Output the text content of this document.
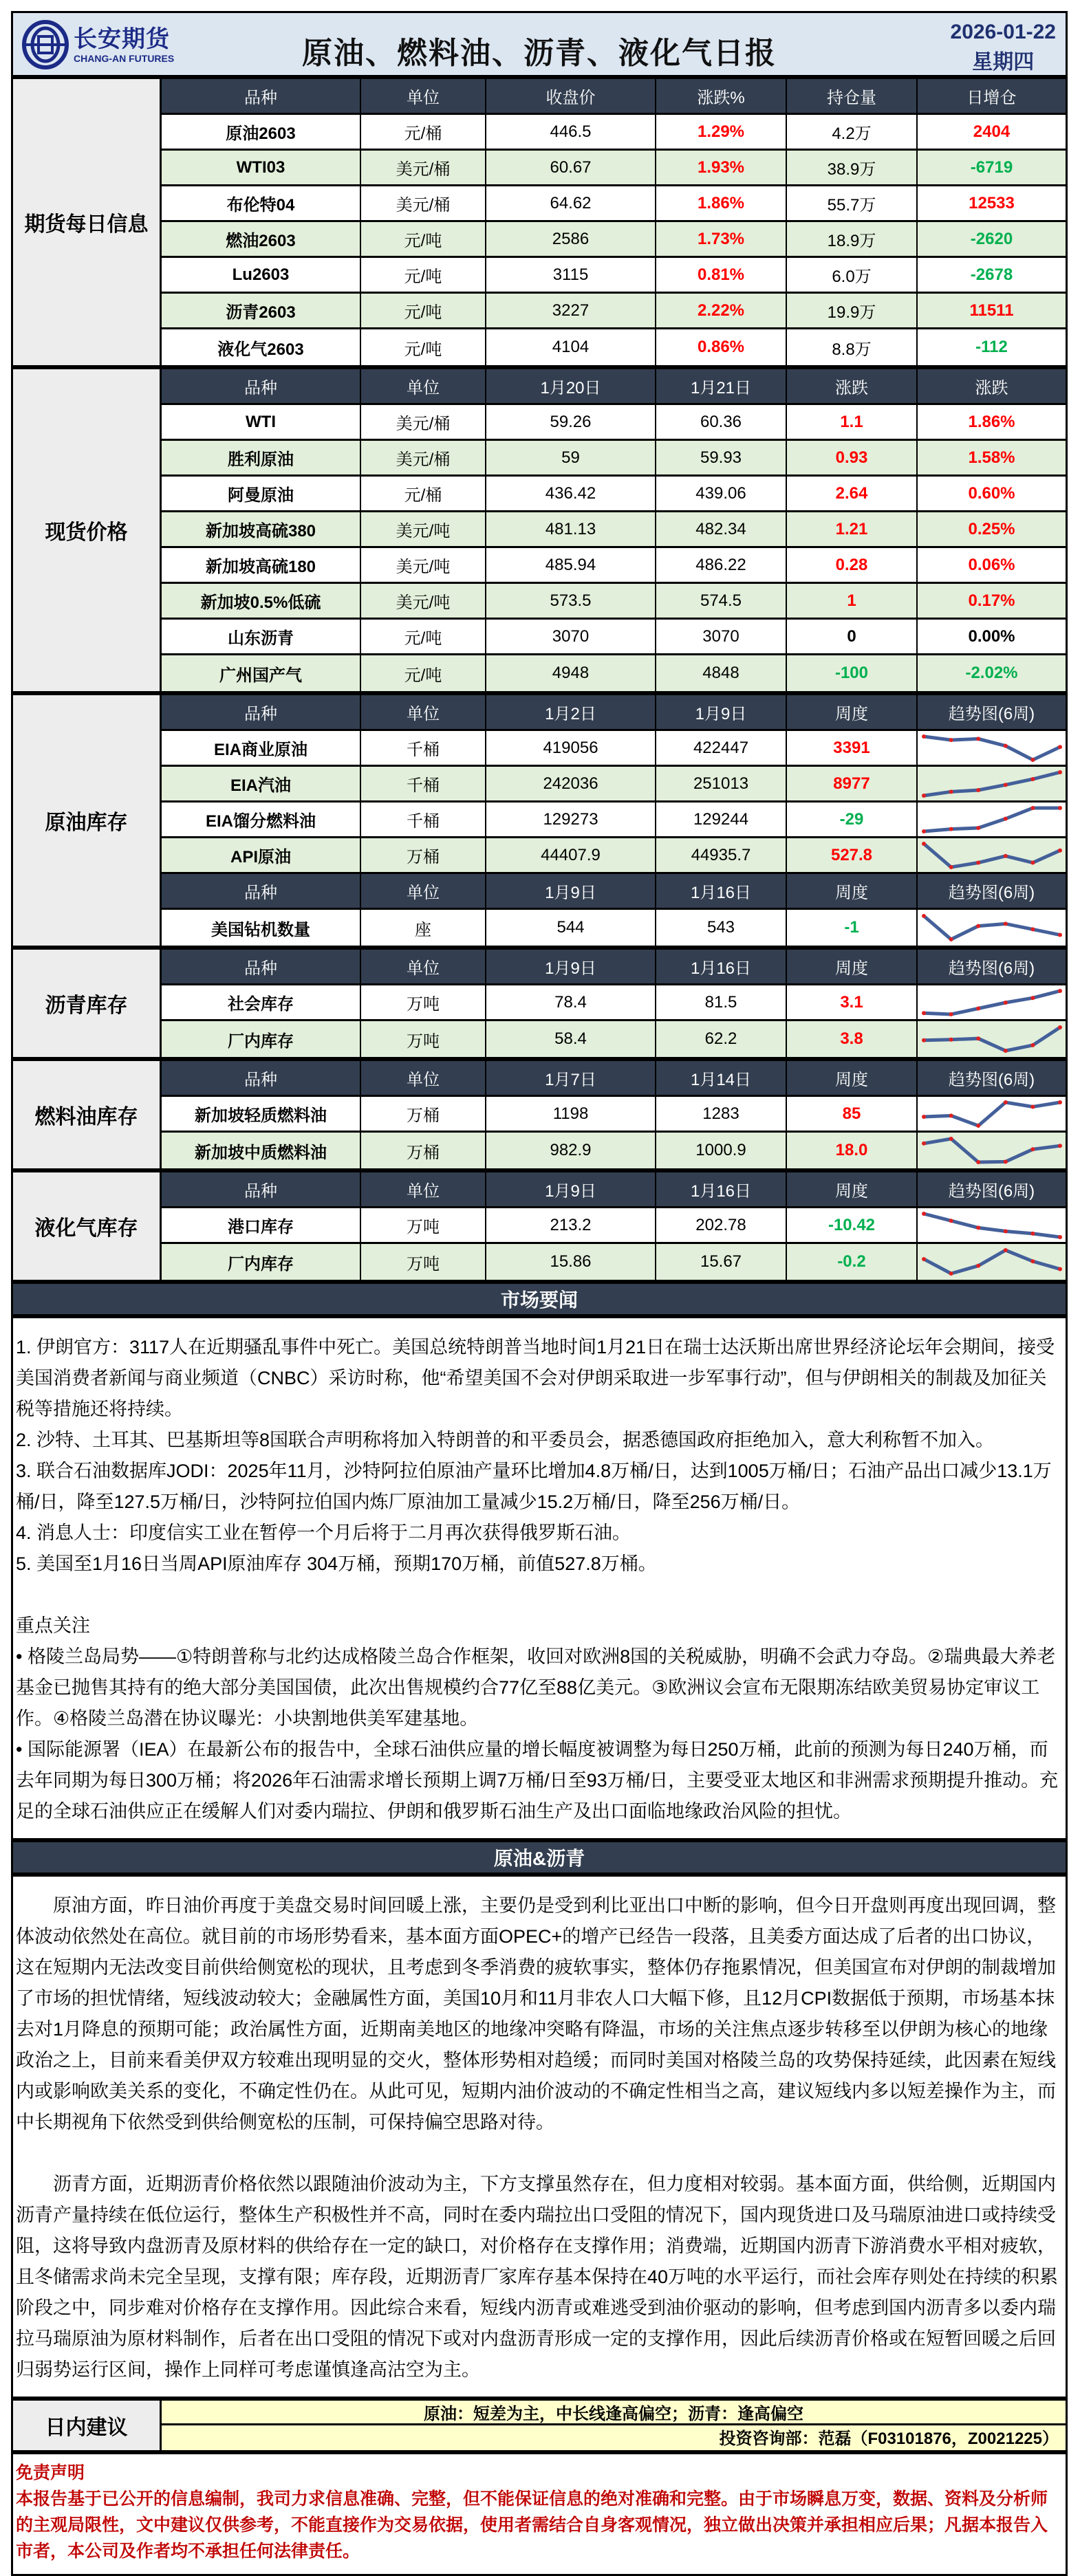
长安期货
CHANG-AN FUTURES	原油、燃料油、沥青、液化气日报
2026-01-22
星期四
期货每日信息
品种	单位	收盘价	涨跌%	持仓量	日增仓
原油2603	元/桶	446.5	1.29%	4.2万	2404
WTI03	美元/桶	60.67	1.93%	38.9万	-6719
布伦特04	美元/桶	64.62	1.86%	55.7万	12533
燃油2603	元/吨	2586	1.73%	18.9万	-2620
Lu2603	元/吨	3115	0.81%	6.0万	-2678
沥青2603	元/吨	3227	2.22%	19.9万	11511
液化气2603	元/吨	4104	0.86%	8.8万	-112
现货价格
品种	单位	1月20日	1月21日	涨跌	涨跌
WTI	美元/桶	59.26	60.36	1.1	1.86%
胜利原油	美元/桶	59	59.93	0.93	1.58%
阿曼原油	元/桶	436.42	439.06	2.64	0.60%
新加坡高硫380	美元/吨	481.13	482.34	1.21	0.25%
新加坡高硫180	美元/吨	485.94	486.22	0.28	0.06%
新加坡0.5%低硫	美元/吨	573.5	574.5	1	0.17%
山东沥青	元/吨	3070	3070	0	0.00%
广州国产气	元/吨	4948	4848	-100	-2.02%
原油库存
品种	单位	1月2日	1月9日	周度	趋势图(6周)
EIA商业原油	千桶	419056	422447	3391
EIA汽油	千桶	242036	251013	8977
EIA馏分燃料油	千桶	129273	129244	-29
API原油	万桶	44407.9	44935.7	527.8
品种	单位	1月9日	1月16日	周度	趋势图(6周)
美国钻机数量	座	544	543	-1
沥青库存
品种	单位	1月9日	1月16日	周度	趋势图(6周)
社会库存	万吨	78.4	81.5	3.1
厂内库存	万吨	58.4	62.2	3.8
燃料油库存
品种	单位	1月7日	1月14日	周度	趋势图(6周)
新加坡轻质燃料油	万桶	1198	1283	85
新加坡中质燃料油	万桶	982.9	1000.9	18.0
液化气库存
品种	单位	1月9日	1月16日	周度	趋势图(6周)
港口库存	万吨	213.2	202.78	-10.42
厂内库存	万吨	15.86	15.67	-0.2
市场要闻

1. 伊朗官方：3117人在近期骚乱事件中死亡。美国总统特朗普当地时间1月21日在瑞士达沃斯出席世界经济论坛年会期间，接受美国消费者新闻与商业频道（CNBC）采访时称，他“希望美国不会对伊朗采取进一步军事行动”，但与伊朗相关的制裁及加征关税等措施还将持续。

2. 沙特、土耳其、巴基斯坦等8国联合声明称将加入特朗普的和平委员会，据悉德国政府拒绝加入，意大利称暂不加入。

3. 联合石油数据库JODI：2025年11月，沙特阿拉伯原油产量环比增加4.8万桶/日，达到1005万桶/日；石油产品出口减少13.1万桶/日，降至127.5万桶/日，沙特阿拉伯国内炼厂原油加工量减少15.2万桶/日，降至256万桶/日。

4. 消息人士：印度信实工业在暂停一个月后将于二月再次获得俄罗斯石油。

5. 美国至1月16日当周API原油库存 304万桶，预期170万桶，前值527.8万桶。

重点关注

• 格陵兰岛局势——①特朗普称与北约达成格陵兰岛合作框架，收回对欧洲8国的关税威胁，明确不会武力夺岛。②瑞典最大养老基金已抛售其持有的绝大部分美国国债，此次出售规模约合77亿至88亿美元。③欧洲议会宣布无限期冻结欧美贸易协定审议工作。④格陵兰岛潜在协议曝光：小块割地供美军建基地。

• 国际能源署（IEA）在最新公布的报告中，全球石油供应量的增长幅度被调整为每日250万桶，此前的预测为每日240万桶，而去年同期为每日300万桶；将2026年石油需求增长预期上调7万桶/日至93万桶/日，主要受亚太地区和非洲需求预期提升推动。充足的全球石油供应正在缓解人们对委内瑞拉、伊朗和俄罗斯石油生产及出口面临地缘政治风险的担忧。

原油&沥青

原油方面，昨日油价再度于美盘交易时间回暖上涨，主要仍是受到利比亚出口中断的影响，但今日开盘则再度出现回调，整体波动依然处在高位。就目前的市场形势看来，基本面方面OPEC+的增产已经告一段落，且美委方面达成了后者的出口协议，这在短期内无法改变目前供给侧宽松的现状，且考虑到冬季消费的疲软事实，整体仍存拖累情况，但美国宣布对伊朗的制裁增加了市场的担忧情绪，短线波动较大；金融属性方面，美国10月和11月非农人口大幅下修，且12月CPI数据低于预期，市场基本抹去对1月降息的预期可能；政治属性方面，近期南美地区的地缘冲突略有降温，市场的关注焦点逐步转移至以伊朗为核心的地缘政治之上，目前来看美伊双方较难出现明显的交火，整体形势相对趋缓；而同时美国对格陵兰岛的攻势保持延续，此因素在短线内或影响欧美关系的变化，不确定性仍在。从此可见，短期内油价波动的不确定性相当之高，建议短线内多以短差操作为主，而中长期视角下依然受到供给侧宽松的压制，可保持偏空思路对待。

沥青方面，近期沥青价格依然以跟随油价波动为主，下方支撑虽然存在，但力度相对较弱。基本面方面，供给侧，近期国内沥青产量持续在低位运行，整体生产积极性并不高，同时在委内瑞拉出口受阻的情况下，国内现货进口及马瑞原油进口或持续受阻，这将导致内盘沥青及原材料的供给存在一定的缺口，对价格存在支撑作用；消费端，近期国内沥青下游消费水平相对疲软，且冬储需求尚未完全呈现，支撑有限；库存段，近期沥青厂家库存基本保持在40万吨的水平运行，而社会库存则处在持续的积累阶段之中，同步难对价格存在支撑作用。因此综合来看，短线内沥青或难逃受到油价驱动的影响，但考虑到国内沥青多以委内瑞拉马瑞原油为原材料制作，后者在出口受阻的情况下或对内盘沥青形成一定的支撑作用，因此后续沥青价格或在短暂回暖之后回归弱势运行区间，操作上同样可考虑谨慎逢高沽空为主。

日内建议
原油：短差为主，中长线逢高偏空；沥青：逢高偏空
投资咨询部：范磊（F03101876，Z0021225）
免责声明
本报告基于已公开的信息编制，我司力求信息准确、完整，但不能保证信息的绝对准确和完整。由于市场瞬息万变，数据、资料及分析师的主观局限性，文中建议仅供参考，不能直接作为交易依据，使用者需结合自身客观情况，独立做出决策并承担相应后果；凡据本报告入市者，本公司及作者均不承担任何法律责任。
